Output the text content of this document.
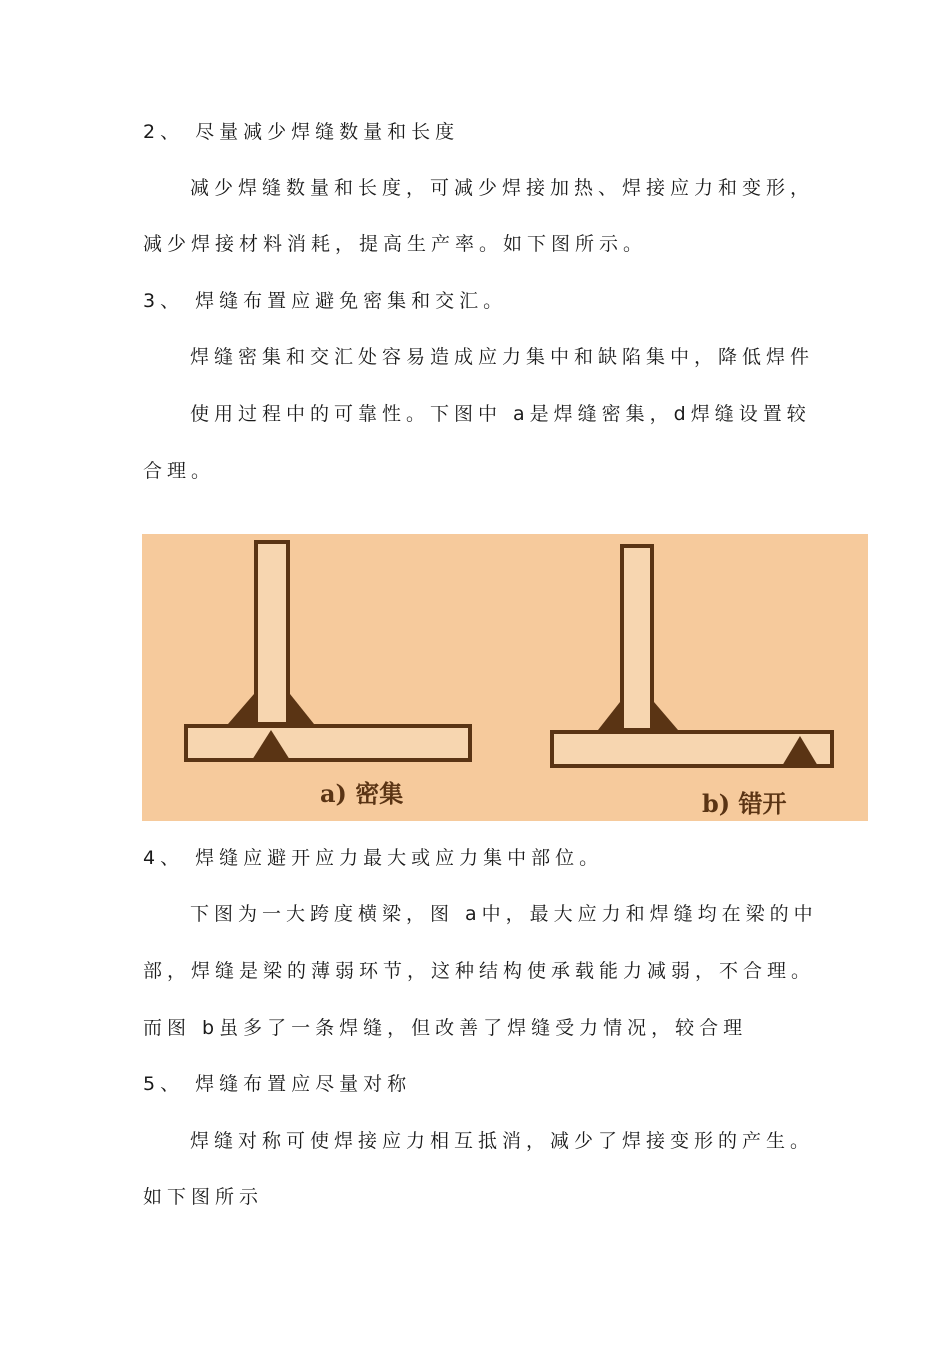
2、 尽量减少焊缝数量和长度
减少焊缝数量和长度，可减少焊接加热、焊接应力和变形，
减少焊接材料消耗，提高生产率。如下图所示。
3、 焊缝布置应避免密集和交汇。
焊缝密集和交汇处容易造成应力集中和缺陷集中，降低焊件
使用过程中的可靠性。下图中 a是焊缝密集，d焊缝设置较
合理。
a) 密集	b) 错开
4、 焊缝应避开应力最大或应力集中部位。
下图为一大跨度横梁，图 a中，最大应力和焊缝均在梁的中
部，焊缝是梁的薄弱环节，这种结构使承载能力减弱，不合理。
而图 b虽多了一条焊缝，但改善了焊缝受力情况，较合理
5、 焊缝布置应尽量对称
焊缝对称可使焊接应力相互抵消，减少了焊接变形的产生。
如下图所示
